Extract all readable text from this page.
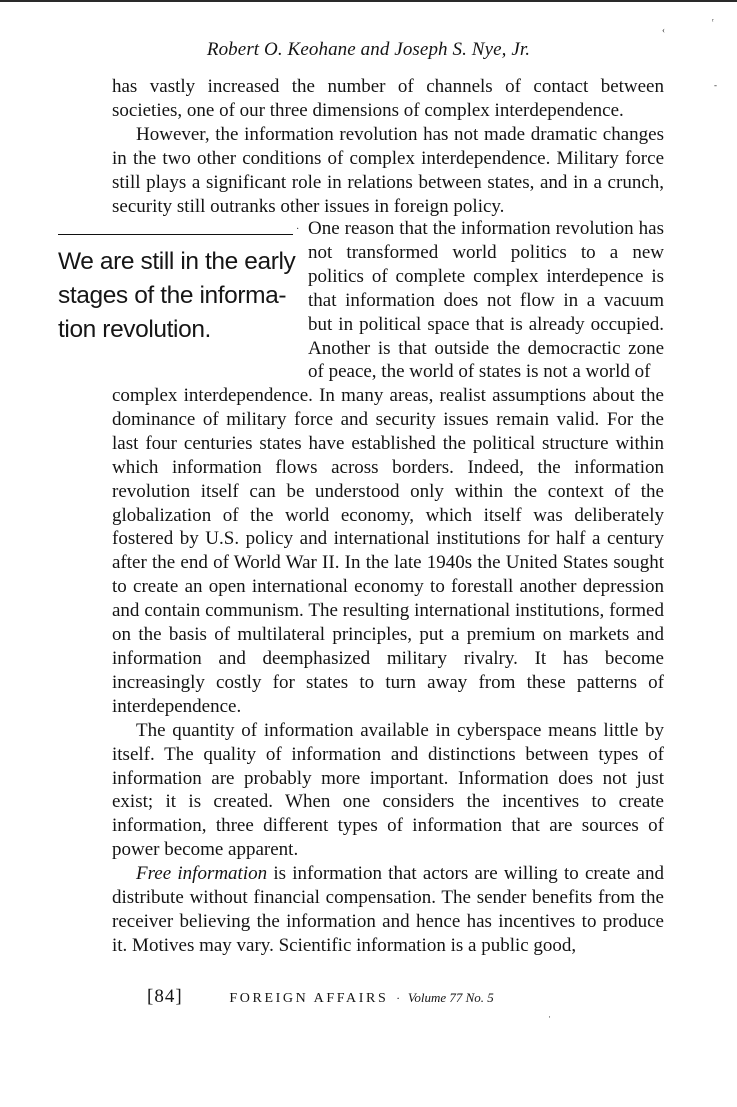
‹
ʳ
-
Robert O. Keohane and Joseph S. Nye, Jr.

has vastly increased the number of channels of contact between societies, one of our three dimensions of complex interdependence.

However, the information revolution has not made dramatic changes in the two other conditions of complex interdependence. Military force still plays a significant role in relations between states, and in a crunch, security still outranks other issues in foreign policy.

·
We are still in the early
stages of the informa-
tion revolution.

One reason that the information revolution has not transformed world politics to a new politics of complete complex interdepence is that information does not flow in a vacuum but in political space that is already occupied. Another is that outside the democractic zone of peace, the world of states is not a world of

complex interdependence. In many areas, realist assumptions about the dominance of military force and security issues remain valid. For the last four centuries states have established the political structure within which information flows across borders. Indeed, the information revolution itself can be understood only within the context of the globalization of the world economy, which itself was deliberately fostered by U.S. policy and international institutions for half a century after the end of World War II. In the late 1940s the United States sought to create an open international economy to forestall another depression and contain communism. The resulting international institutions, formed on the basis of multilateral principles, put a premium on markets and information and deemphasized military rivalry. It has become increasingly costly for states to turn away from these patterns of interdependence.

The quantity of information available in cyberspace means little by itself. The quality of information and distinctions between types of information are probably more important. Information does not just exist; it is created. When one considers the incentives to create information, three different types of information that are sources of power become apparent.

Free information is information that actors are willing to create and distribute without financial compensation. The sender benefits from the receiver believing the information and hence has incentives to produce it. Motives may vary. Scientific information is a public good,

[84]	FOREIGN AFFAIRS · Volume 77 No. 5
·
